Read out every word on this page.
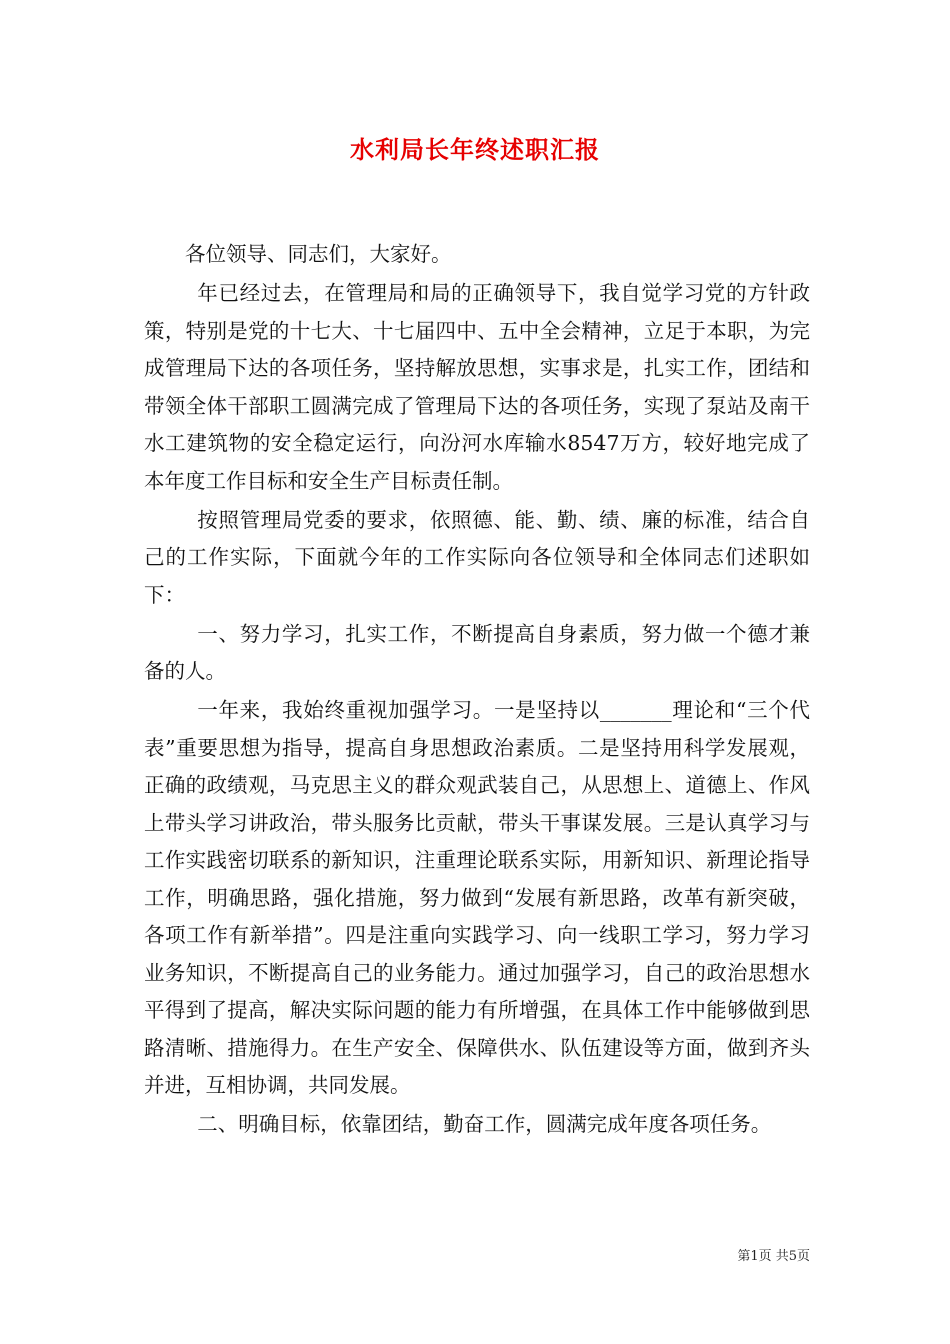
水利局长年终述职汇报

各位领导、同志们，大家好。

年已经过去，在管理局和局的正确领导下，我自觉学习党的方针政策，特别是党的十七大、十七届四中、五中全会精神，立足于本职，为完成管理局下达的各项任务，坚持解放思想，实事求是，扎实工作，团结和带领全体干部职工圆满完成了管理局下达的各项任务，实现了泵站及南干水工建筑物的安全稳定运行，向汾河水库输水8547万方，较好地完成了本年度工作目标和安全生产目标责任制。

按照管理局党委的要求，依照德、能、勤、绩、廉的标准，结合自己的工作实际，下面就今年的工作实际向各位领导和全体同志们述职如下：

一、努力学习，扎实工作，不断提高自身素质，努力做一个德才兼备的人。

一年来，我始终重视加强学习。一是坚持以_______理论和“三个代表”重要思想为指导，提高自身思想政治素质。二是坚持用科学发展观，正确的政绩观，马克思主义的群众观武装自己，从思想上、道德上、作风上带头学习讲政治，带头服务比贡献，带头干事谋发展。三是认真学习与工作实践密切联系的新知识，注重理论联系实际，用新知识、新理论指导工作，明确思路，强化措施，努力做到“发展有新思路，改革有新突破，各项工作有新举措”。四是注重向实践学习、向一线职工学习，努力学习业务知识，不断提高自己的业务能力。通过加强学习，自己的政治思想水平得到了提高，解决实际问题的能力有所增强，在具体工作中能够做到思路清晰、措施得力。在生产安全、保障供水、队伍建设等方面，做到齐头并进，互相协调，共同发展。

二、明确目标，依靠团结，勤奋工作，圆满完成年度各项任务。

第1页 共5页
